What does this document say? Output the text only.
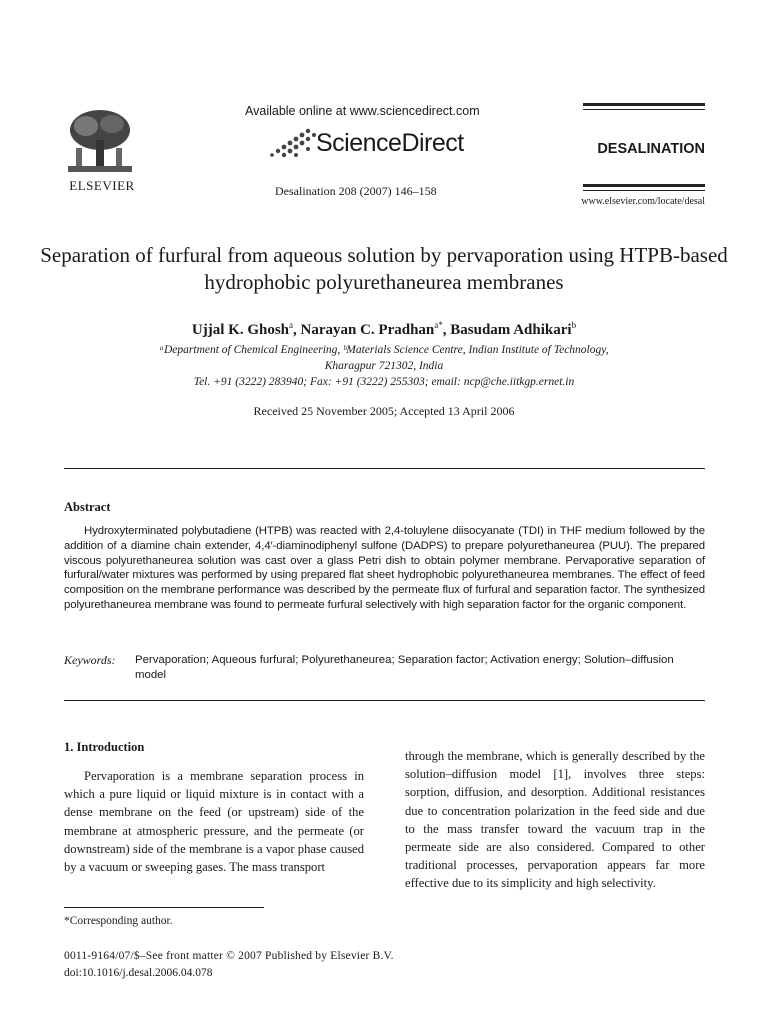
ELSEVIER
Available online at www.sciencedirect.com
ScienceDirect
Desalination 208 (2007) 146–158
DESALINATION
www.elsevier.com/locate/desal
Separation of furfural from aqueous solution by pervaporation using HTPB-based hydrophobic polyurethaneurea membranes
Ujjal K. Ghosh$^a$, Narayan C. Pradhan$^{a*}$, Basudam Adhikari$^b$
ᵃDepartment of Chemical Engineering, ᵇMaterials Science Centre, Indian Institute of Technology,
Kharagpur 721302, India
Tel. +91 (3222) 283940; Fax: +91 (3222) 255303; email: ncp@che.iitkgp.ernet.in
Received 25 November 2005; Accepted 13 April 2006
Abstract
Hydroxyterminated polybutadiene (HTPB) was reacted with 2,4-toluylene diisocyanate (TDI) in THF medium followed by the addition of a diamine chain extender, 4,4′-diaminodiphenyl sulfone (DADPS) to prepare polyurethaneurea (PUU). The prepared viscous polyurethaneurea solution was cast over a glass Petri dish to obtain polymer membrane. Pervaporative separation of furfural/water mixtures was performed by using prepared flat sheet hydrophobic polyurethaneurea membranes. The effect of feed composition on the membrane performance was described by the permeate flux of furfural and separation factor. The synthesized polyurethaneurea membrane was found to permeate furfural selectively with high separation factor for the organic component.
Keywords: Pervaporation; Aqueous furfural; Polyurethaneurea; Separation factor; Activation energy; Solution–diffusion model
1. Introduction
Pervaporation is a membrane separation process in which a pure liquid or liquid mixture is in contact with a dense membrane on the feed (or upstream) side of the membrane at atmospheric pressure, and the permeate (or downstream) side of the membrane is a vapor phase caused by a vacuum or sweeping gases. The mass transport
through the membrane, which is generally described by the solution–diffusion model [1], involves three steps: sorption, diffusion, and desorption. Additional resistances due to concentration polarization in the feed side and due to the mass transfer toward the vacuum trap in the permeate side are also considered. Compared to other traditional processes, pervaporation appears far more effective due to its simplicity and high selectivity.
*Corresponding author.
0011-9164/07/$–See front matter © 2007 Published by Elsevier B.V.
doi:10.1016/j.desal.2006.04.078
